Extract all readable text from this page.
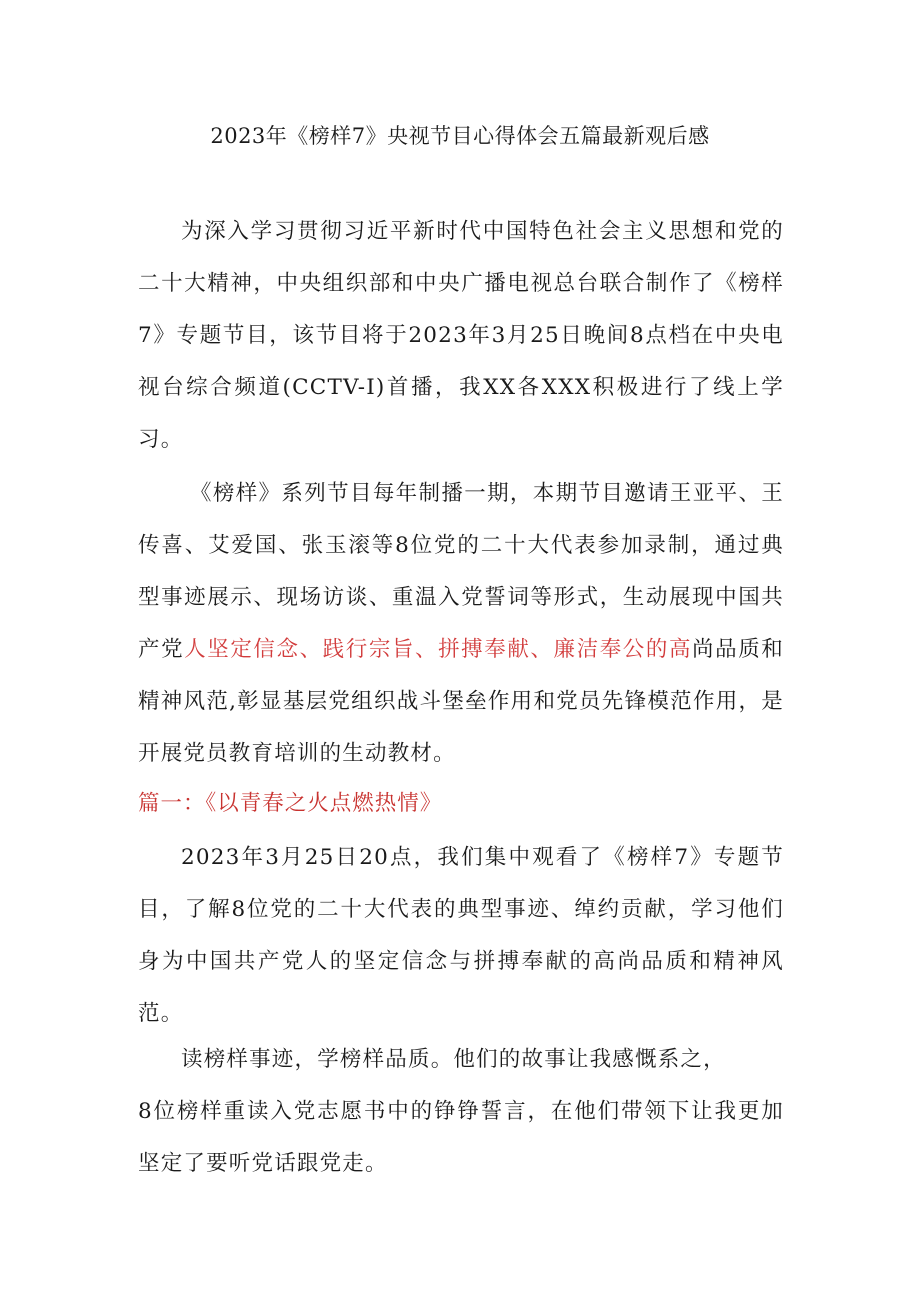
2023年《榜样7》央视节目心得体会五篇最新观后感

为深入学习贯彻习近平新时代中国特色社会主义思想和党的二十大精神，中央组织部和中央广播电视总台联合制作了《榜样7》专题节目，该节目将于2023年3月25日晚间8点档在中央电视台综合频道(CCTV-I)首播，我XX各XXX积极进行了线上学习。

《榜样》系列节目每年制播一期，本期节目邀请王亚平、王传喜、艾爱国、张玉滚等8位党的二十大代表参加录制，通过典型事迹展示、现场访谈、重温入党誓词等形式，生动展现中国共产党人坚定信念、践行宗旨、拼搏奉献、廉洁奉公的高尚品质和精神风范,彰显基层党组织战斗堡垒作用和党员先锋模范作用，是开展党员教育培训的生动教材。

篇一：《以青春之火点燃热情》

2023年3月25日20点，我们集中观看了《榜样7》专题节目，了解8位党的二十大代表的典型事迹、绰约贡献，学习他们身为中国共产党人的坚定信念与拼搏奉献的高尚品质和精神风范。

读榜样事迹，学榜样品质。他们的故事让我感慨系之，
8位榜样重读入党志愿书中的铮铮誓言，在他们带领下让我更加坚定了要听党话跟党走。
